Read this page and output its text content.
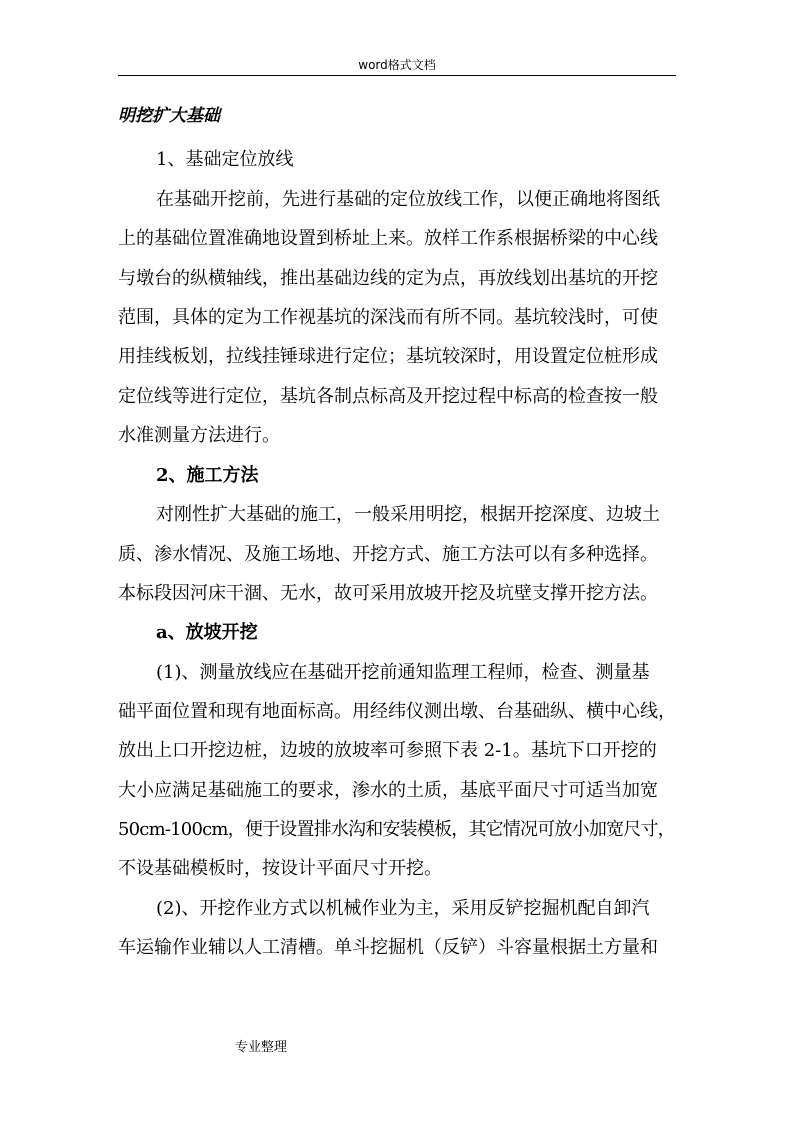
word格式文档
明挖扩大基础
1、基础定位放线
在基础开挖前，先进行基础的定位放线工作，以便正确地将图纸
上的基础位置准确地设置到桥址上来。放样工作系根据桥梁的中心线
与墩台的纵横轴线，推出基础边线的定为点，再放线划出基坑的开挖
范围，具体的定为工作视基坑的深浅而有所不同。基坑较浅时，可使
用挂线板划，拉线挂锤球进行定位；基坑较深时，用设置定位桩形成
定位线等进行定位，基坑各制点标高及开挖过程中标高的检查按一般
水准测量方法进行。
2、施工方法
对刚性扩大基础的施工，一般采用明挖，根据开挖深度、边坡土
质、渗水情况、及施工场地、开挖方式、施工方法可以有多种选择。
本标段因河床干涸、无水，故可采用放坡开挖及坑壁支撑开挖方法。
a、放坡开挖
(1)、测量放线应在基础开挖前通知监理工程师，检查、测量基
础平面位置和现有地面标高。用经纬仪测出墩、台基础纵、横中心线，
放出上口开挖边桩，边坡的放坡率可参照下表 2-1。基坑下口开挖的
大小应满足基础施工的要求，渗水的土质，基底平面尺寸可适当加宽
50cm-100cm，便于设置排水沟和安装模板，其它情况可放小加宽尺寸，
不设基础模板时，按设计平面尺寸开挖。
(2)、开挖作业方式以机械作业为主，采用反铲挖掘机配自卸汽
车运输作业辅以人工清槽。单斗挖掘机（反铲）斗容量根据土方量和
专业整理
